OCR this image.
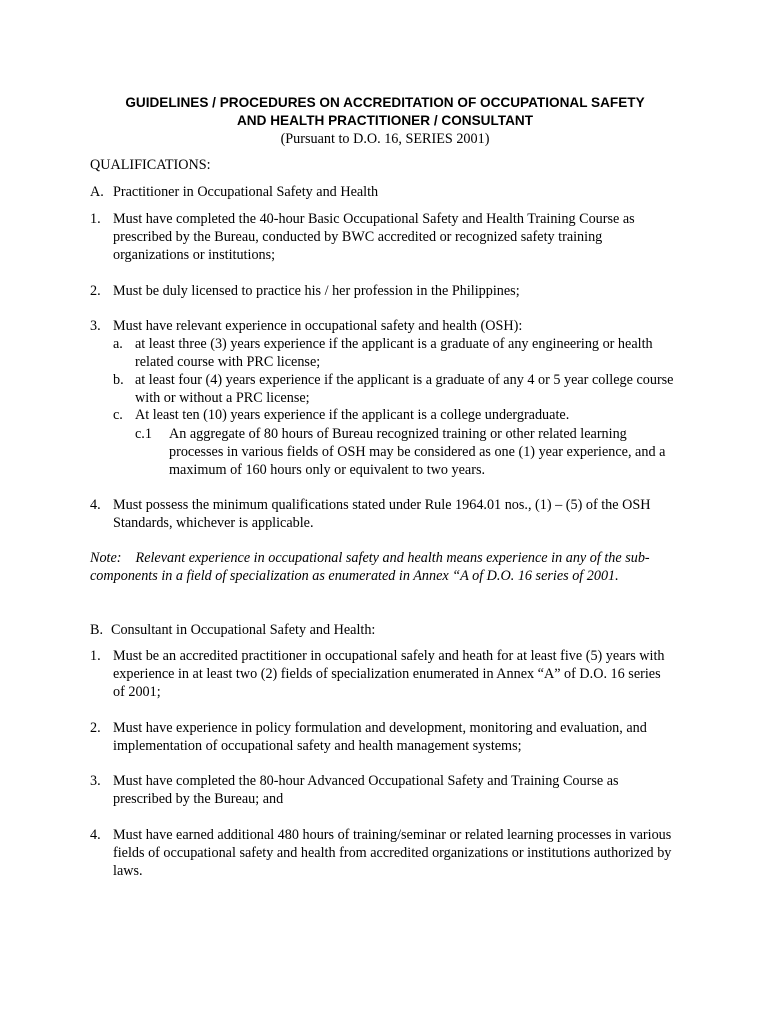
GUIDELINES / PROCEDURES ON ACCREDITATION OF OCCUPATIONAL SAFETY
AND HEALTH PRACTITIONER / CONSULTANT
(Pursuant to D.O. 16, SERIES 2001)
QUALIFICATIONS:
A. Practitioner in Occupational Safety and Health
1. Must have completed the 40-hour Basic Occupational Safety and Health Training Course as prescribed by the Bureau, conducted by BWC accredited or recognized safety training organizations or institutions;
2. Must be duly licensed to practice his / her profession in the Philippines;
3. Must have relevant experience in occupational safety and health (OSH):
a. at least three (3) years experience if the applicant is a graduate of any engineering or health related course with PRC license;
b. at least four (4) years experience if the applicant is a graduate of any 4 or 5 year college course with or without a PRC license;
c. At least ten (10) years experience if the applicant is a college undergraduate.
c.1	An aggregate of 80 hours of Bureau recognized training or other related learning processes in various fields of OSH may be considered as one (1) year experience, and a maximum of 160 hours only or equivalent to two years.
4. Must possess the minimum qualifications stated under Rule 1964.01 nos., (1) – (5) of the OSH Standards, whichever is applicable.
Note: Relevant experience in occupational safety and health means experience in any of the sub-components in a field of specialization as enumerated in Annex “A of D.O. 16 series of 2001.
B. Consultant in Occupational Safety and Health:
1. Must be an accredited practitioner in occupational safely and heath for at least five (5) years with experience in at least two (2) fields of specialization enumerated in Annex “A” of D.O. 16 series of 2001;
2. Must have experience in policy formulation and development, monitoring and evaluation, and implementation of occupational safety and health management systems;
3. Must have completed the 80-hour Advanced Occupational Safety and Training Course as prescribed by the Bureau; and
4. Must have earned additional 480 hours of training/seminar or related learning processes in various fields of occupational safety and health from accredited organizations or institutions authorized by laws.
